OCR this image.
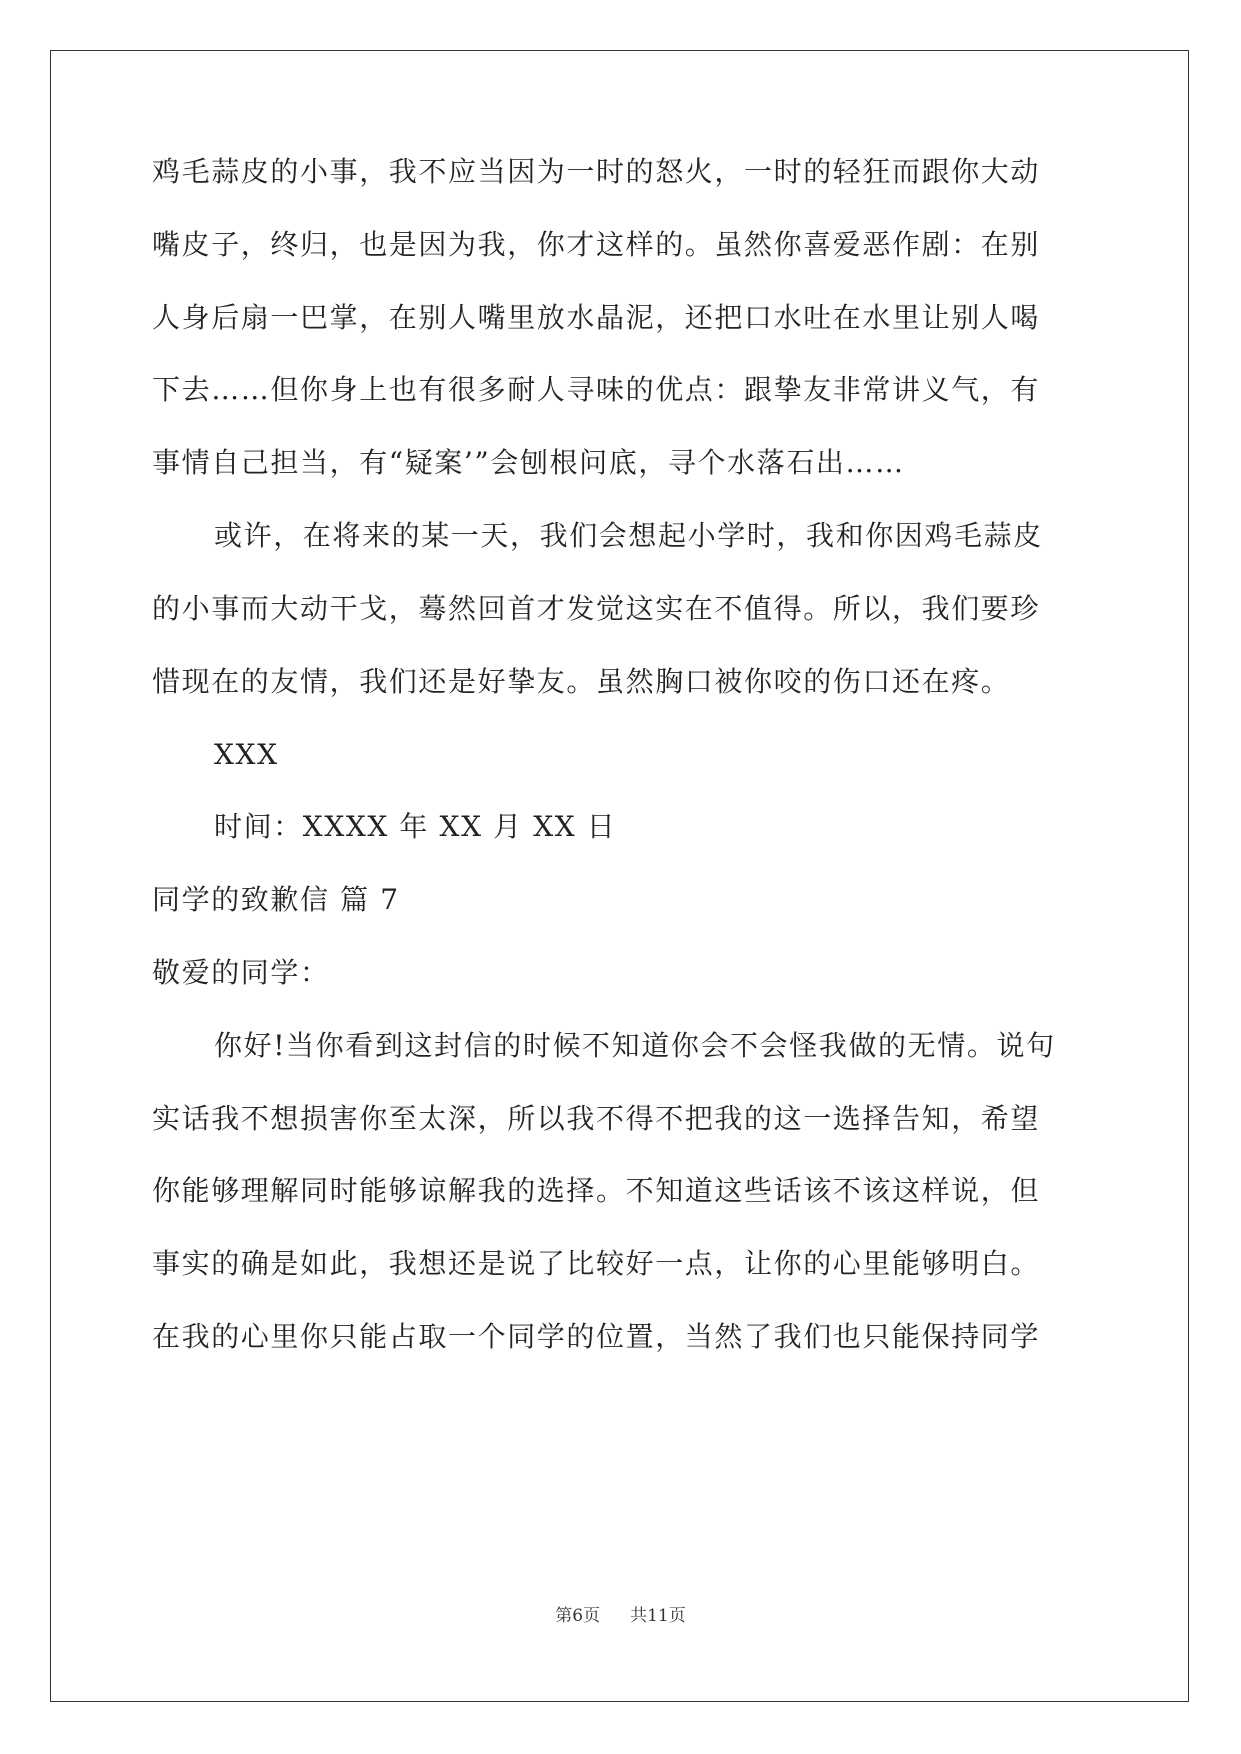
鸡毛蒜皮的小事，我不应当因为一时的怒火，一时的轻狂而跟你大动
嘴皮子，终归，也是因为我，你才这样的。虽然你喜爱恶作剧：在别
人身后扇一巴掌，在别人嘴里放水晶泥，还把口水吐在水里让别人喝
下去……但你身上也有很多耐人寻味的优点：跟挚友非常讲义气，有
事情自己担当，有“疑案’”会刨根问底，寻个水落石出……
或许，在将来的某一天，我们会想起小学时，我和你因鸡毛蒜皮
的小事而大动干戈，蓦然回首才发觉这实在不值得。所以，我们要珍
惜现在的友情，我们还是好挚友。虽然胸口被你咬的伤口还在疼。
XXX
时间：XXXX 年 XX 月 XX 日
同学的致歉信 篇 7
敬爱的同学：
你好!当你看到这封信的时候不知道你会不会怪我做的无情。说句
实话我不想损害你至太深，所以我不得不把我的这一选择告知，希望
你能够理解同时能够谅解我的选择。不知道这些话该不该这样说，但
事实的确是如此，我想还是说了比较好一点，让你的心里能够明白。
在我的心里你只能占取一个同学的位置，当然了我们也只能保持同学
第6页 共11页
